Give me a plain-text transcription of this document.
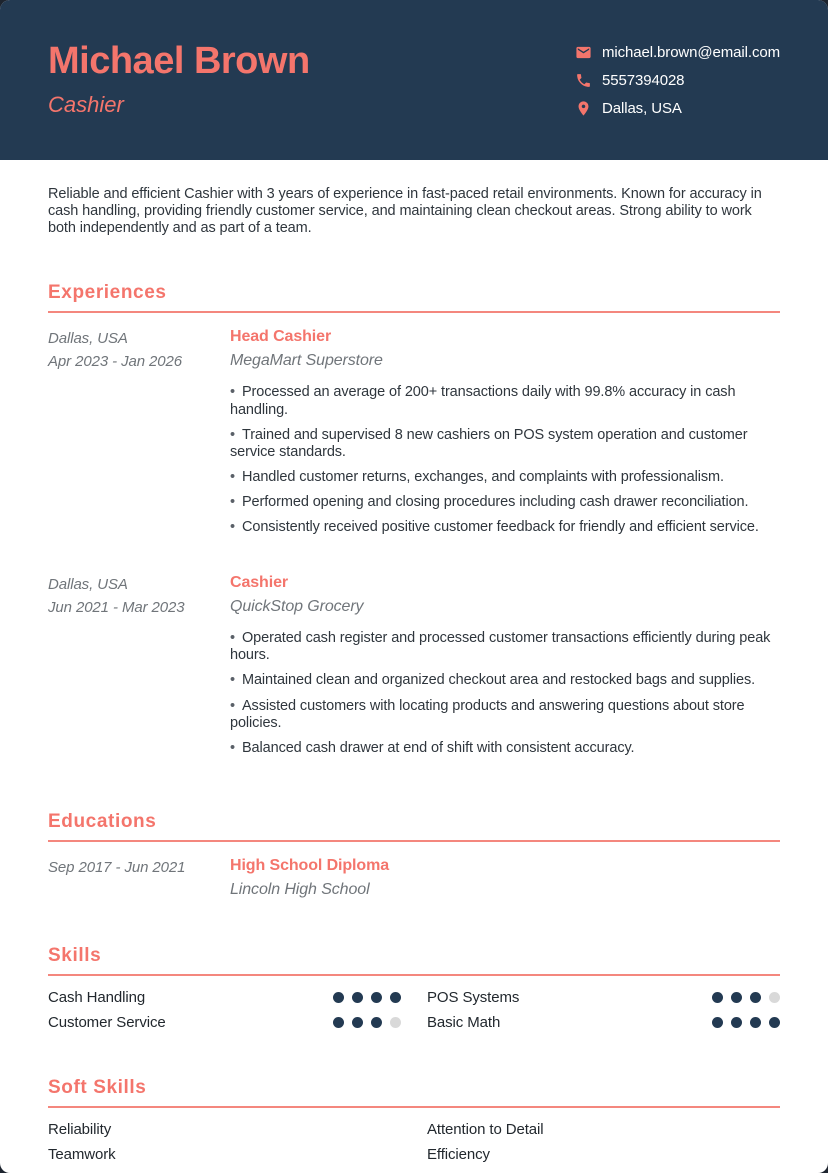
Michael Brown
Cashier
michael.brown@email.com
5557394028
Dallas, USA

Reliable and efficient Cashier with 3 years of experience in fast-paced retail environments. Known for accuracy in cash handling, providing friendly customer service, and maintaining clean checkout areas. Strong ability to work both independently and as part of a team.

Experiences
Dallas, USA
Apr 2023 - Jan 2026
Head Cashier
MegaMart Superstore
• Processed an average of 200+ transactions daily with 99.8% accuracy in cash handling.
• Trained and supervised 8 new cashiers on POS system operation and customer service standards.
• Handled customer returns, exchanges, and complaints with professionalism.
• Performed opening and closing procedures including cash drawer reconciliation.
• Consistently received positive customer feedback for friendly and efficient service.
Dallas, USA
Jun 2021 - Mar 2023
Cashier
QuickStop Grocery
• Operated cash register and processed customer transactions efficiently during peak hours.
• Maintained clean and organized checkout area and restocked bags and supplies.
• Assisted customers with locating products and answering questions about store policies.
• Balanced cash drawer at end of shift with consistent accuracy.
Educations
Sep 2017 - Jun 2021	High School Diploma
Lincoln High School
Skills
Cash Handling	POS Systems
Customer Service	Basic Math
Soft Skills
Reliability	Attention to Detail
Teamwork	Efficiency
